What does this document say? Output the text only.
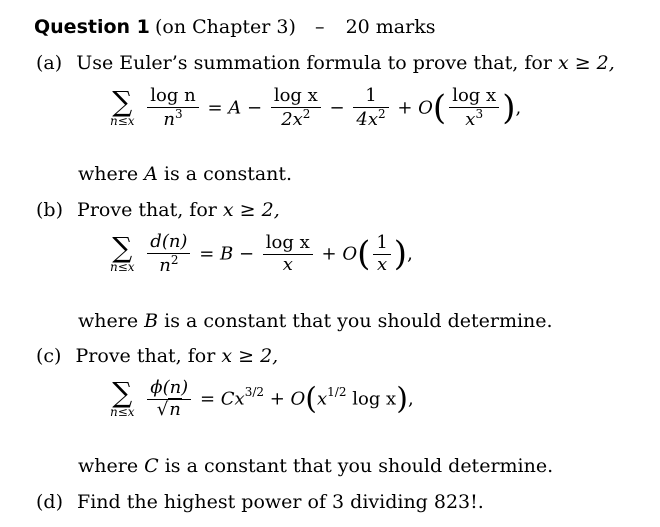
Question 1 (on Chapter 3) – 20 marks
(a) Use Euler’s summation formula to prove that, for x ≥ 2,
∑
n≤x
$\frac{\text{log n}}{n^3} = A - \frac{\text{log x}}{2x^2} - \frac{1}{4x^2} + O( \frac{\text{log x}}{x^3}$ ),
where A is a constant.
(b) Prove that, for x ≥ 2,
∑
n≤x
$\frac{d(n)}{n^2} = B - \frac{\text{log x}}{x} + O( \frac{1}{x}$ ),
where B is a constant that you should determine.
(c) Prove that, for x ≥ 2,
∑
n≤x
$\frac{\phi(n)}{√n} = Cx^{3/2} + O(x^{1/2}$ log x),
where C is a constant that you should determine.
(d) Find the highest power of 3 dividing 823!.
